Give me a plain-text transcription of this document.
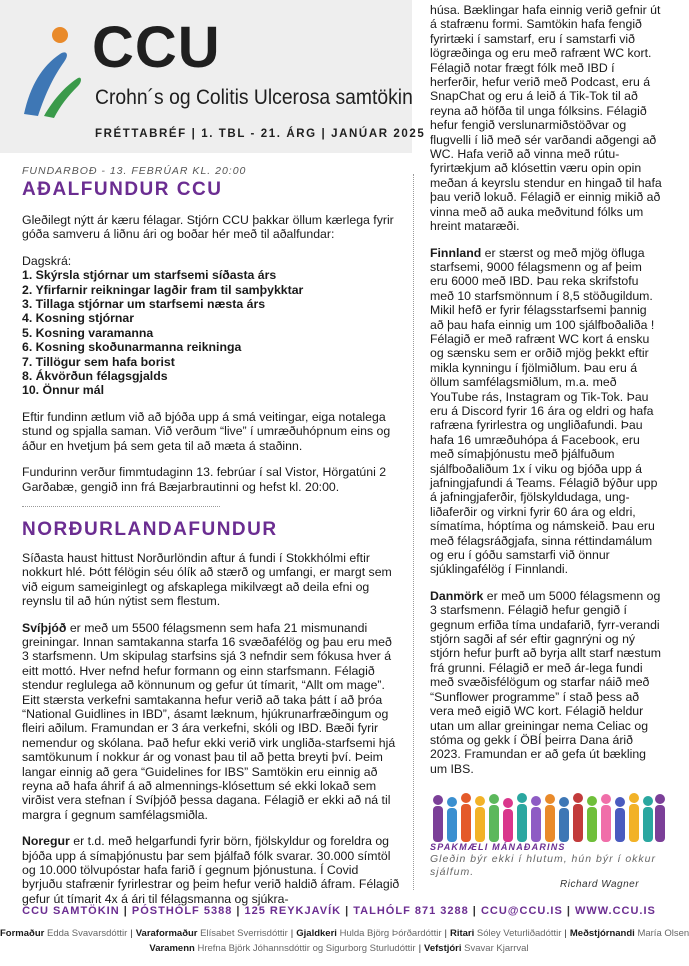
CCU
Crohn´s og Colitis Ulcerosa samtökin
FRÉTTABRÉF | 1. TBL - 21. ÁRG | JANÚAR 2025
FUNDARBOÐ - 13. FEBRÚAR KL. 20:00
AÐALFUNDUR CCU
Gleðilegt nýtt ár kæru félagar. Stjórn CCU þakkar öllum kærlega fyrir góða samveru á liðnu ári og boðar hér með til aðalfundar:
Dagskrá:
1. Skýrsla stjórnar um starfsemi síðasta árs
2. Yfirfarnir reikningar lagðir fram til samþykktar
3. Tillaga stjórnar um starfsemi næsta árs
4. Kosning stjórnar
5. Kosning varamanna
6. Kosning skoðunarmanna reikninga
7. Tillögur sem hafa borist
8. Ákvörðun félagsgjalds
10. Önnur mál
Eftir fundinn ætlum við að bjóða upp á smá veitingar, eiga notalega stund og spjalla saman. Við verðum “live” í umræðuhópnum eins og áður en hvetjum þá sem geta til að mæta á staðinn.
Fundurinn verður fimmtudaginn 13. febrúar í sal Vistor, Hörgatúni 2 Garðabæ, gengið inn frá Bæjarbrautinni og hefst kl. 20:00.
NORÐURLANDAFUNDUR
Síðasta haust hittust Norðurlöndin aftur á fundi í Stokkhólmi eftir nokkurt hlé. Þótt félögin séu ólík að stærð og umfangi, er margt sem við eigum sameiginlegt og afskaplega mikilvægt að deila efni og reynslu til að hún nýtist sem flestum.
Svíþjóð er með um 5500 félagsmenn sem hafa 21 mismunandi greiningar. Innan samtakanna starfa 16 svæðafélög og þau eru með 3 starfsmenn. Um skipulag starfsins sjá 3 nefndir sem fókusa hver á eitt mottó. Hver nefnd hefur formann og einn starfsmann. Félagið stendur reglulega að könnunum og gefur út tímarit, “Allt om mage”. Eitt stærsta verkefni samtakanna hefur verið að taka þátt í að þróa “National Guidlines in IBD”, ásamt læknum, hjúkrunarfræðingum og fleiri aðilum. Framundan er 3 ára verkefni, skóli og IBD. Bæði fyrir nemendur og skólana. Það hefur ekki verið virk ungliða-starfsemi hjá samtökunum í nokkur ár og vonast þau til að þetta breyti því. Þeim langar einnig að gera “Guidelines for IBS” Samtökin eru einnig að reyna að hafa áhrif á að almennings-klósettum sé ekki lokað sem virðist vera stefnan í Svíþjóð þessa dagana. Félagið er ekki að ná til margra í gegnum samfélagsmiðla.
Noregur er t.d. með helgarfundi fyrir börn, fjölskyldur og foreldra og bjóða upp á símaþjónustu þar sem þjálfað fólk svarar. 30.000 símtöl og 10.000 tölvupóstar hafa farið í gegnum þjónustuna. Í Covid byrjuðu stafrænir fyrirlestrar og þeim hefur verið haldið áfram. Félagið gefur út tímarit 4x á ári til félagsmanna og sjúkra-
húsa. Bæklingar hafa einnig verið gefnir út á stafrænu formi. Samtökin hafa fengið fyrirtæki í samstarf, eru í samstarfi við lögræðinga og eru með rafrænt WC kort. Félagið notar frægt fólk með IBD í herferðir, hefur verið með Podcast, eru á SnapChat og eru á leið á Tik-Tok til að reyna að höfða til unga fólksins. Félagið hefur fengið verslunarmiðstöðvar og flugvelli í lið með sér varðandi aðgengi að WC. Hafa verið að vinna með rútu-fyrirtækjum að klósettin væru opin opin meðan á keyrslu stendur en hingað til hafa þau verið lokuð. Félagið er einnig mikið að vinna með að auka meðvitund fólks um hreint mataræði.
Finnland er stærst og með mjög öfluga starfsemi, 9000 félagsmenn og af þeim eru 6000 með IBD. Þau reka skrifstofu með 10 starfsmönnum í 8,5 stöðugildum. Mikil hefð er fyrir félagsstarfsemi þannig að þau hafa einnig um 100 sjálfboðaliða ! Félagið er með rafrænt WC kort á ensku og sænsku sem er orðið mjög þekkt eftir mikla kynningu í fjölmiðlum. Þau eru á öllum samfélagsmiðlum, m.a. með YouTube rás, Instagram og Tik-Tok. Þau eru á Discord fyrir 16 ára og eldri og hafa rafræna fyrirlestra og ungliðafundi. Þau hafa 16 umræðuhópa á Facebook, eru með símaþjónustu með þjálfuðum sjálfboðaliðum 1x í viku og bjóða upp á jafningjafundi á Teams. Félagið býður upp á jafningjaferðir, fjölskyldudaga, ung-liðaferðir og virkni fyrir 60 ára og eldri, símatíma, hóptíma og námskeið. Þau eru með félagsráðgjafa, sinna réttindamálum og eru í góðu samstarfi við önnur sjúklingafélög í Finnlandi.
Danmörk er með um 5000 félagsmenn og 3 starfsmenn. Félagið hefur gengið í gegnum erfiða tíma undafarið, fyrr-verandi stjórn sagði af sér eftir gagnrýni og ný stjórn hefur þurft að byrja allt starf næstum frá grunni. Félagið er með ár-lega fundi með svæðisfélögum og starfar náið með “Sunflower programme” í stað þess að vera með eigið WC kort. Félagið heldur utan um allar greiningar nema Celiac og stóma og gekk í ÖBÍ þeirra Dana árið 2023. Framundan er að gefa út bækling um IBS.
SPAKMÆLI MÁNAÐARINS
Gleðin býr ekki í hlutum, hún býr í okkur sjálfum.
Richard Wagner
CCU SAMTÖKIN | PÓSTHÓLF 5388 | 125 REYKJAVÍK | TALHÓLF 871 3288 | CCU@CCU.IS | WWW.CCU.IS
Formaður Edda Svavarsdóttir | Varaformaður Elísabet Sverrisdóttir | Gjaldkeri Hulda Björg Þórðardóttir | Ritari Sóley Veturliðadóttir | Meðstjórnandi María Olsen
Varamenn Hrefna Björk Jóhannsdóttir og Sigurborg Sturludóttir | Vefstjóri Svavar Kjarrval
